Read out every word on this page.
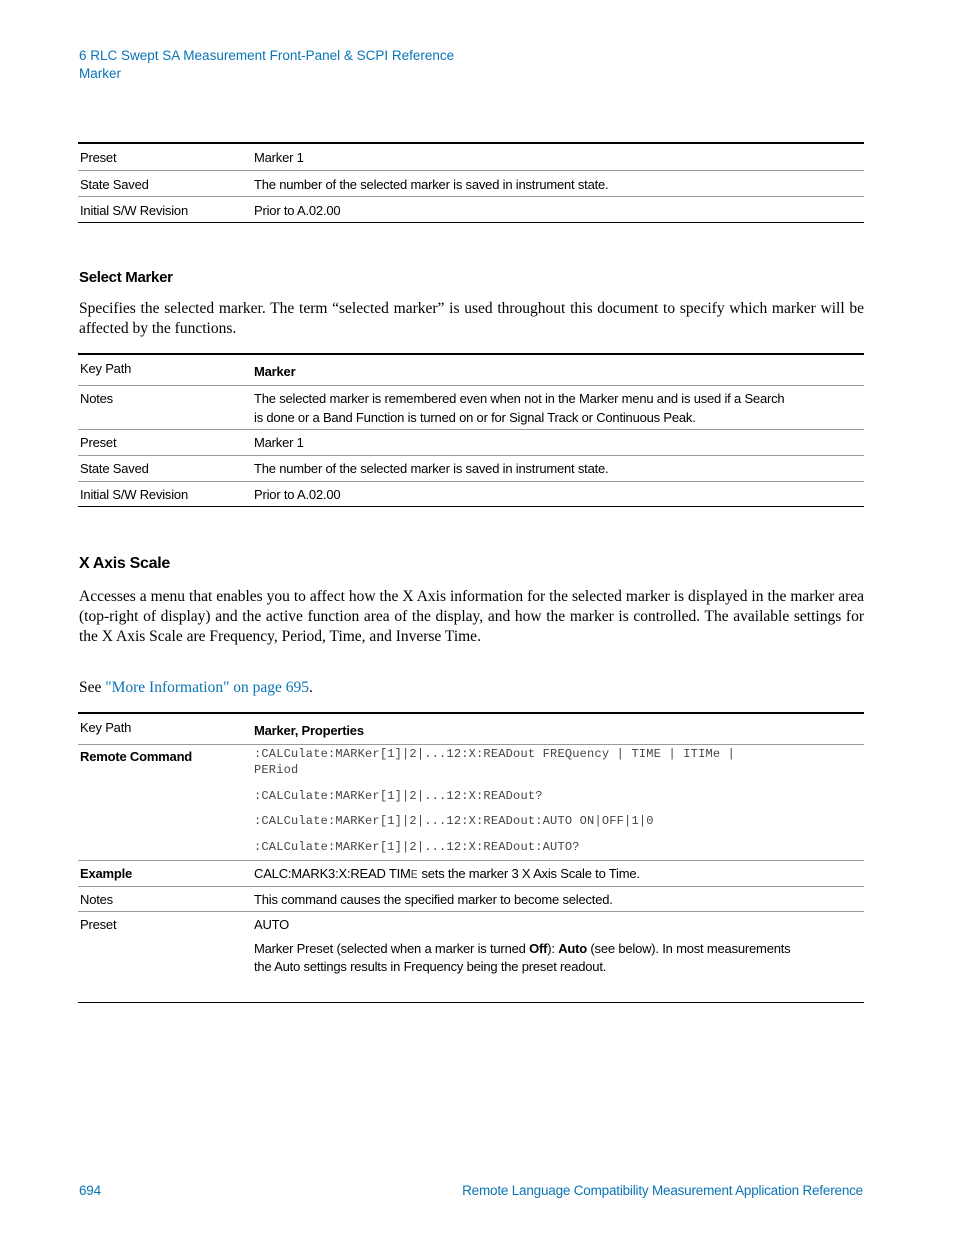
6 RLC Swept SA Measurement Front-Panel & SCPI Reference
Marker
Preset	Marker 1
State Saved	The number of the selected marker is saved in instrument state.
Initial S/W Revision	Prior to A.02.00
Select Marker
Specifies the selected marker. The term “selected marker” is used throughout this document to specify which marker will be affected by the functions.
Key Path	Marker
Notes	The selected marker is remembered even when not in the Marker menu and is used if a Search
is done or a Band Function is turned on or for Signal Track or Continuous Peak.

Preset	Marker 1
State Saved	The number of the selected marker is saved in instrument state.
Initial S/W Revision	Prior to A.02.00
X Axis Scale
Accesses a menu that enables you to affect how the X Axis information for the selected marker is displayed in the marker area (top-right of display) and the active function area of the display, and how the marker is controlled. The available settings for the X Axis Scale are Frequency, Period, Time, and Inverse Time.
See "More Information" on page 695.
Key Path	Marker, Properties
Remote Command	:CALCulate:MARKer[1]|2|...12:X:READout FREQuency | TIME | ITIMe |
PERiod
:CALCulate:MARKer[1]|2|...12:X:READout?
:CALCulate:MARKer[1]|2|...12:X:READout:AUTO ON|OFF|1|0
:CALCulate:MARKer[1]|2|...12:X:READout:AUTO?

Example	CALC:MARK3:X:READ TIME sets the marker 3 X Axis Scale to Time.
Notes	This command causes the specified marker to become selected.
Preset	AUTO
Marker Preset (selected when a marker is turned Off): Auto (see below). In most measurements
the Auto settings results in Frequency being the preset readout.
694	Remote Language Compatibility Measurement Application Reference
